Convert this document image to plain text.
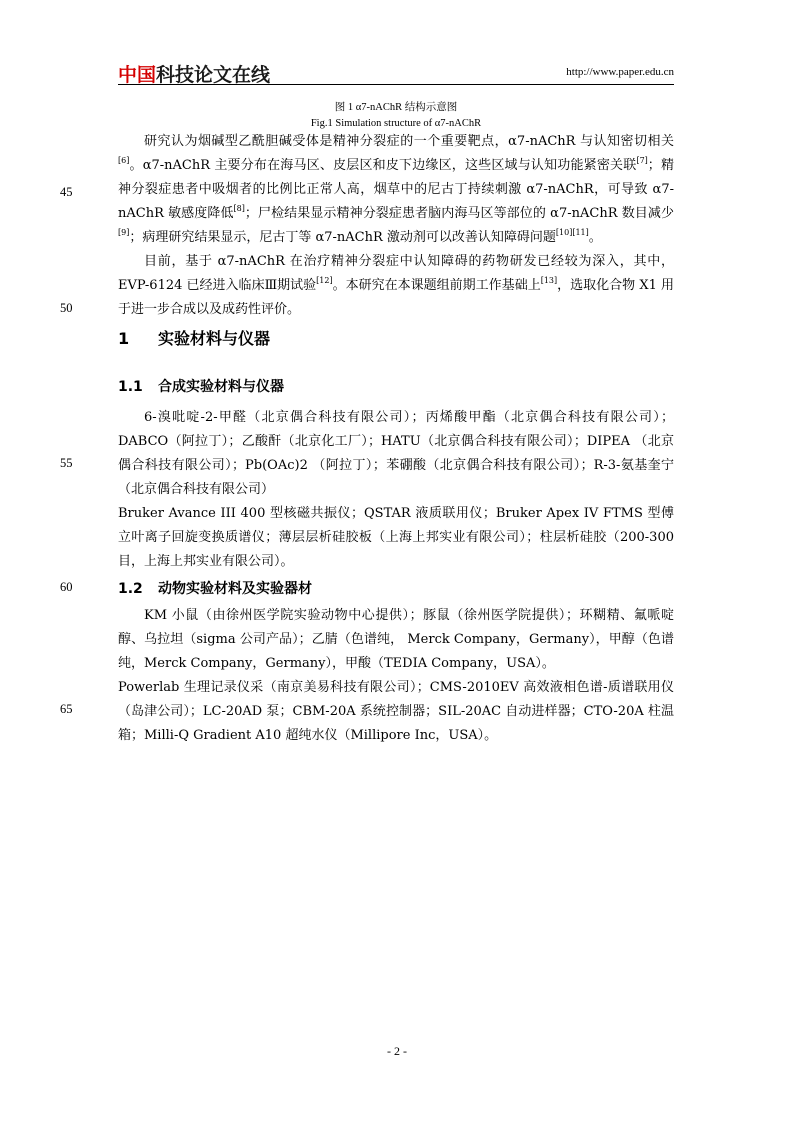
中国科技论文在线	http://www.paper.edu.cn
图 1 α7-nAChR 结构示意图
Fig.1 Simulation structure of α7-nAChR

研究认为烟碱型乙酰胆碱受体是精神分裂症的一个重要靶点，α7-nAChR 与认知密切相关[6]。α7-nAChR 主要分布在海马区、皮层区和皮下边缘区，这些区域与认知功能紧密关联[7]；精神分裂症患者中吸烟者的比例比正常人高，烟草中的尼古丁持续刺激 α7-nAChR，可导致 α7-nAChR 敏感度降低[8]；尸检结果显示精神分裂症患者脑内海马区等部位的 α7-nAChR 数目减少[9]；病理研究结果显示，尼古丁等 α7-nAChR 激动剂可以改善认知障碍问题[10][11]。

目前，基于 α7-nAChR 在治疗精神分裂症中认知障碍的药物研发已经较为深入，其中，EVP-6124 已经进入临床Ⅲ期试验[12]。本研究在本课题组前期工作基础上[13]，选取化合物 X1 用于进一步合成以及成药性评价。

1 实验材料与仪器
1.1 合成实验材料与仪器

6-溴吡啶-2-甲醛（北京偶合科技有限公司）；丙烯酸甲酯（北京偶合科技有限公司）；DABCO（阿拉丁）；乙酸酐（北京化工厂）；HATU（北京偶合科技有限公司）；DIPEA （北京偶合科技有限公司）；Pb(OAc)2 （阿拉丁）；苯硼酸（北京偶合科技有限公司）；R-3-氨基奎宁（北京偶合科技有限公司）

Bruker Avance III 400 型核磁共振仪；QSTAR 液质联用仪；Bruker Apex IV FTMS 型傅立叶离子回旋变换质谱仪；薄层层析硅胶板（上海上邦实业有限公司）；柱层析硅胶（200-300 目，上海上邦实业有限公司）。

1.2 动物实验材料及实验器材

KM 小鼠（由徐州医学院实验动物中心提供）；豚鼠（徐州医学院提供）；环糊精、氟哌啶醇、乌拉坦（sigma 公司产品）；乙腈（色谱纯， Merck Company，Germany），甲醇（色谱纯，Merck Company，Germany），甲酸（TEDIA Company，USA）。

Powerlab 生理记录仪采（南京美易科技有限公司）；CMS-2010EV 高效液相色谱-质谱联用仪（岛津公司）；LC-20AD 泵；CBM-20A 系统控制器；SIL-20AC 自动进样器；CTO-20A 柱温箱；Milli-Q Gradient A10 超纯水仪（Millipore Inc，USA）。

45
50
55
60
65
- 2 -
